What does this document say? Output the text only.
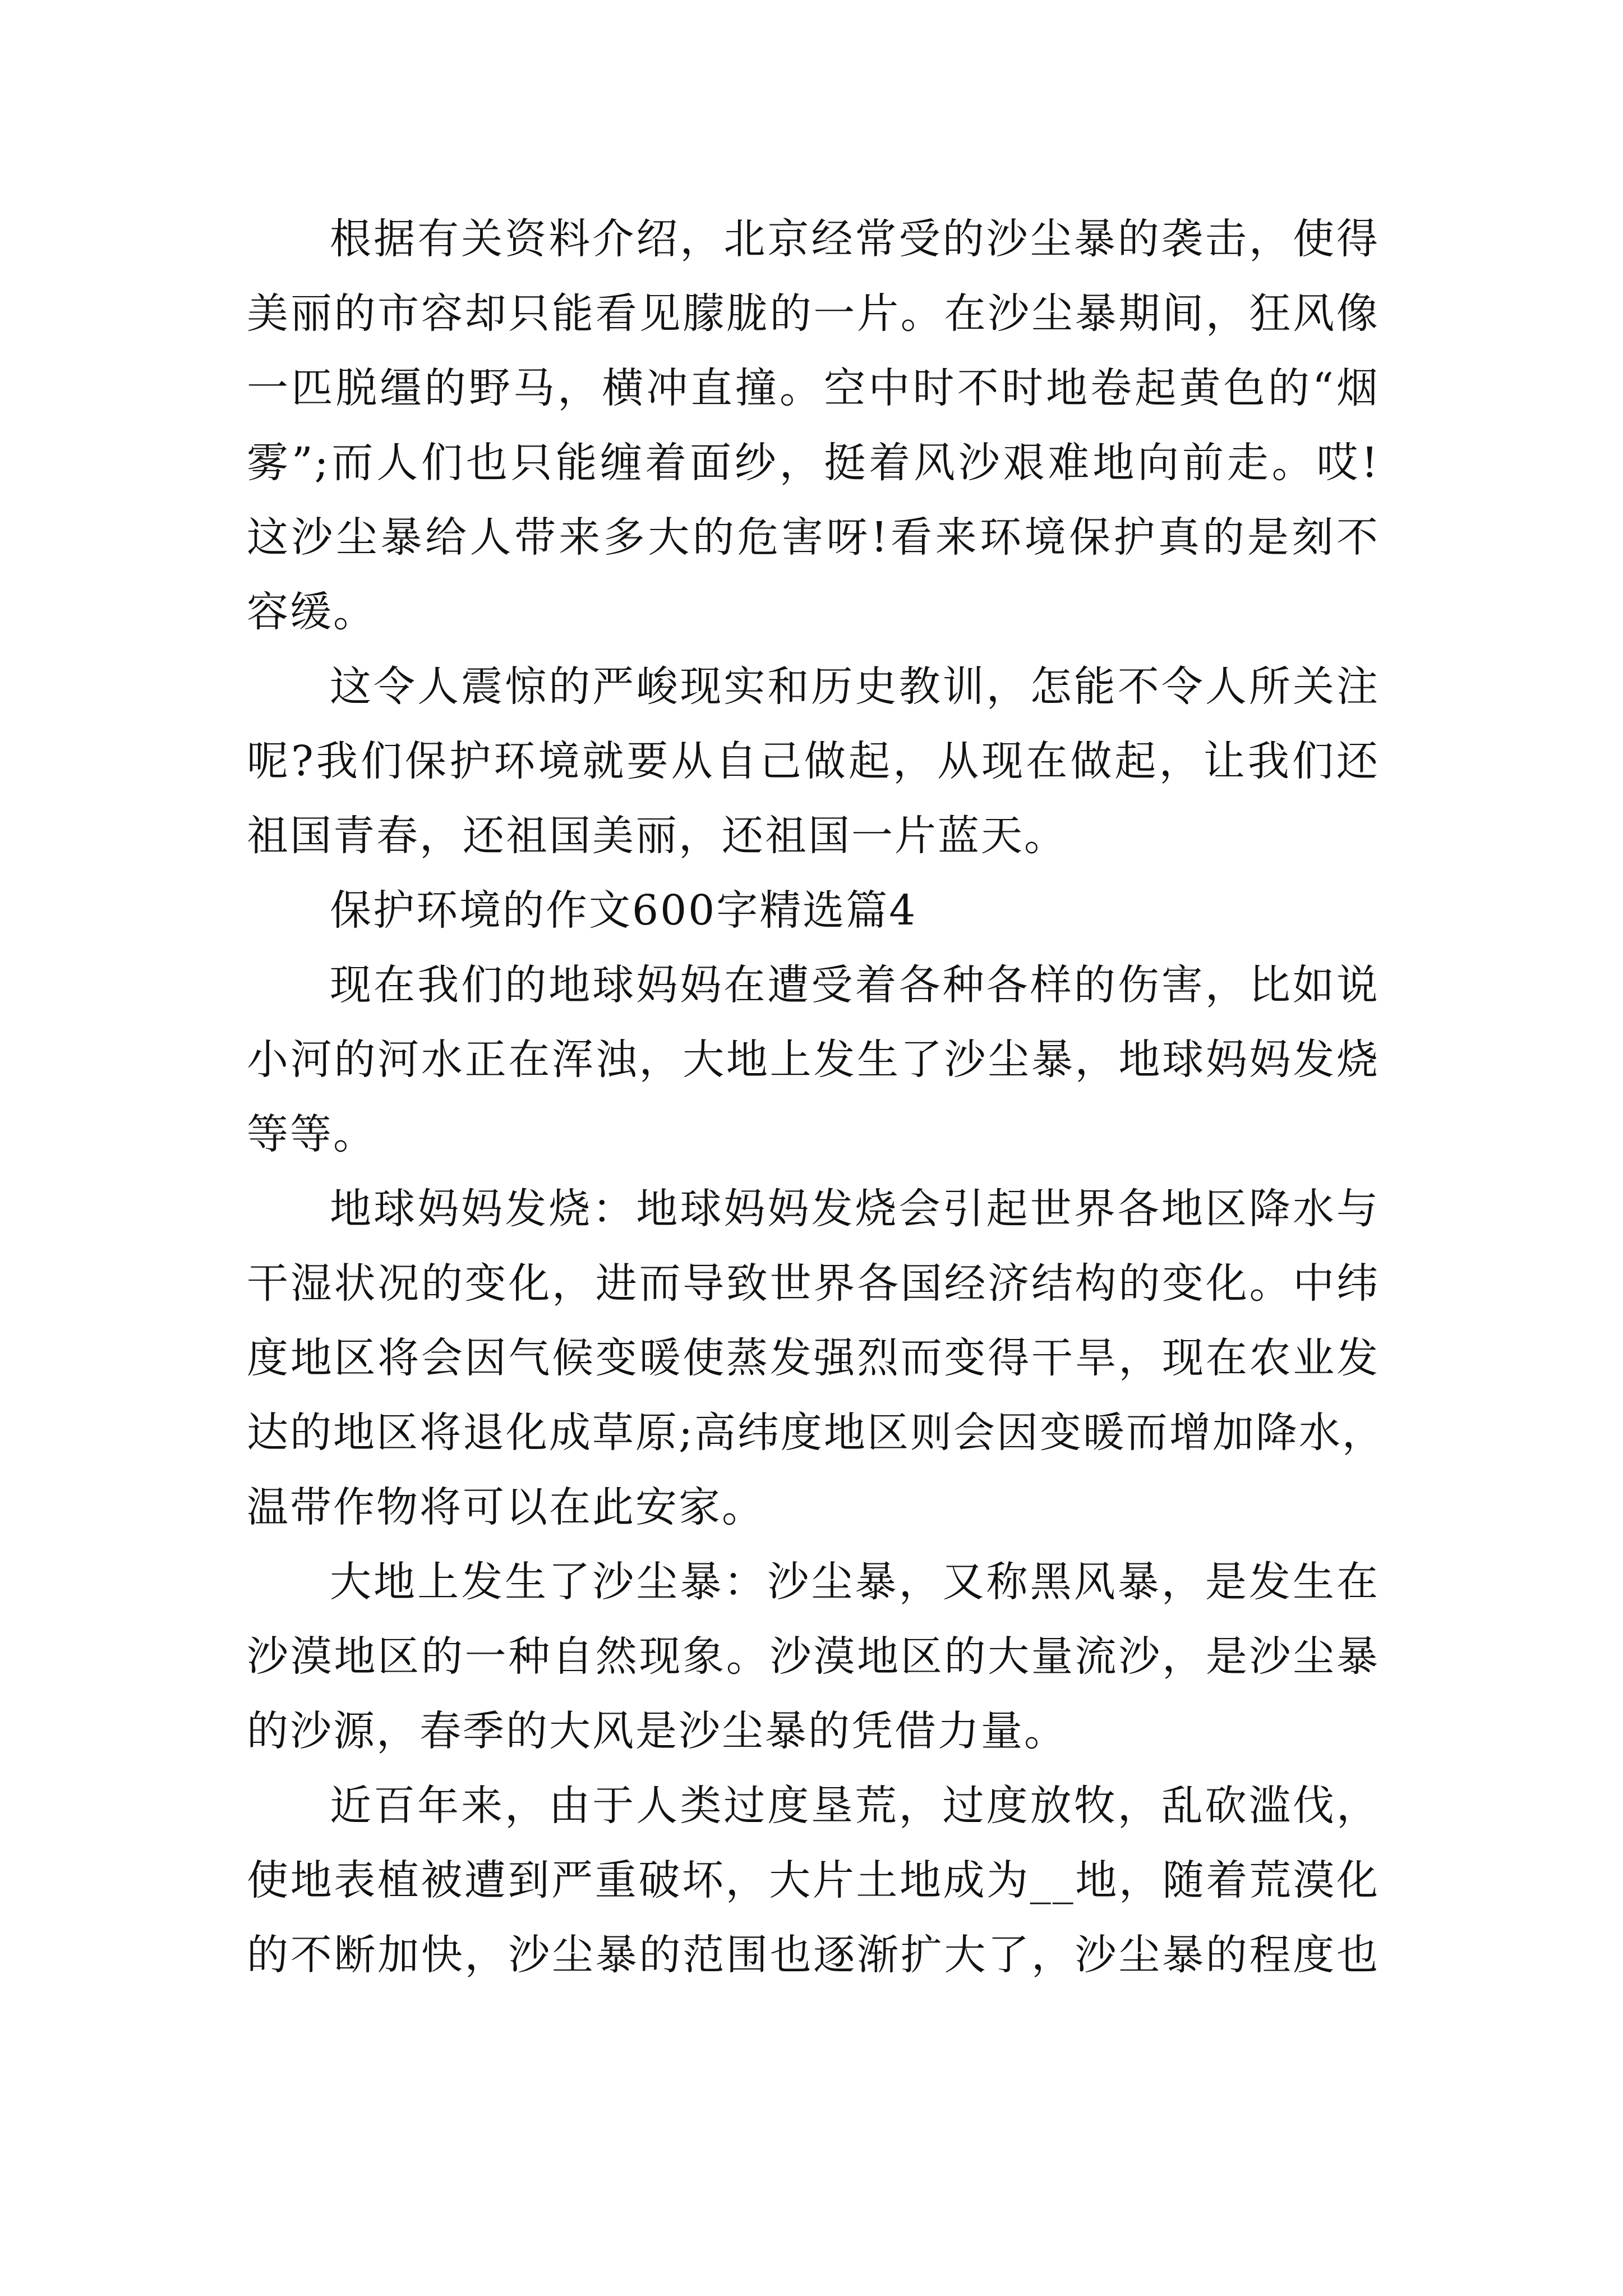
根据有关资料介绍，北京经常受的沙尘暴的袭击，使得
美丽的市容却只能看见朦胧的一片。在沙尘暴期间，狂风像
一匹脱缰的野马，横冲直撞。空中时不时地卷起黄色的“烟
雾”;而人们也只能缠着面纱，挺着风沙艰难地向前走。哎!
这沙尘暴给人带来多大的危害呀!看来环境保护真的是刻不
容缓。
这令人震惊的严峻现实和历史教训，怎能不令人所关注
呢?我们保护环境就要从自己做起，从现在做起，让我们还
祖国青春，还祖国美丽，还祖国一片蓝天。
保护环境的作文600字精选篇4
现在我们的地球妈妈在遭受着各种各样的伤害，比如说
小河的河水正在浑浊，大地上发生了沙尘暴，地球妈妈发烧
等等。
地球妈妈发烧：地球妈妈发烧会引起世界各地区降水与
干湿状况的变化，进而导致世界各国经济结构的变化。中纬
度地区将会因气候变暖使蒸发强烈而变得干旱，现在农业发
达的地区将退化成草原;高纬度地区则会因变暖而增加降水，
温带作物将可以在此安家。
大地上发生了沙尘暴：沙尘暴，又称黑风暴，是发生在
沙漠地区的一种自然现象。沙漠地区的大量流沙，是沙尘暴
的沙源，春季的大风是沙尘暴的凭借力量。
近百年来，由于人类过度垦荒，过度放牧，乱砍滥伐，
使地表植被遭到严重破坏，大片土地成为__地，随着荒漠化
的不断加快，沙尘暴的范围也逐渐扩大了，沙尘暴的程度也
